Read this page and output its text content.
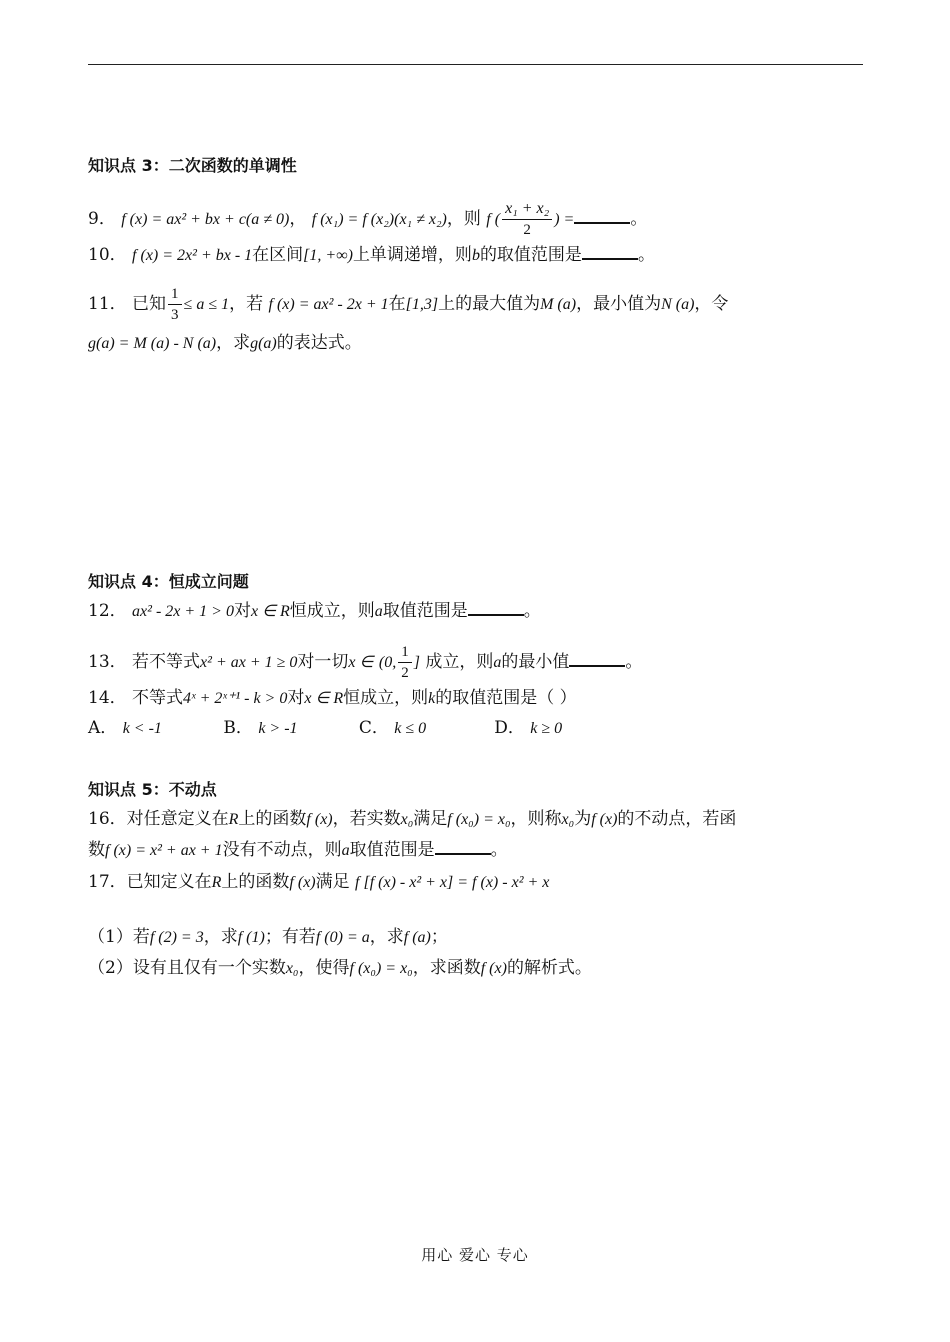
知识点 3：二次函数的单调性
9． f (x) = ax² + bx + c(a ≠ 0)， f (x₁) = f (x₂)(x₁ ≠ x₂)，则 f ( $\frac{\text{x₁ + x₂}}{2}$ ) =	。
10． f (x) = 2x² + bx - 1在区间[1, +∞)上单调递增，则b的取值范围是	。
11． 已知 $\frac{1}{3} \le a \le 1$，若 f (x) = ax² - 2x + 1在[1,3]上的最大值为M (a)，最小值为N (a)，令
g(a) = M (a) - N (a)，求g(a)的表达式。
知识点 4：恒成立问题
12． ax² - 2x + 1 > 0对x ∈ R恒成立，则a取值范围是	。
13． 若不等式x² + ax + 1 ≥ 0对一切x ∈ (0, $\frac{1}{2}$ ] 成立，则a的最小值	。
14． 不等式4ˣ + 2ˣ⁺¹ - k > 0对x ∈ R恒成立，则k的取值范围是（ ）
A． k < -1	B． k > -1	C． k ≤ 0	D． k ≥ 0
知识点 5：不动点
16．对任意定义在R上的函数f (x)，若实数x₀满足f (x₀) = x₀，则称x₀为f (x)的不动点，若函
数f (x) = x² + ax + 1没有不动点，则a取值范围是	。
17．已知定义在R上的函数f (x)满足 f [f (x) - x² + x] = f (x) - x² + x
（1）若f (2) = 3，求f (1)；有若f (0) = a，求f (a)；
（2）设有且仅有一个实数x₀，使得f (x₀) = x₀，求函数f (x)的解析式。
用心 爱心 专心
